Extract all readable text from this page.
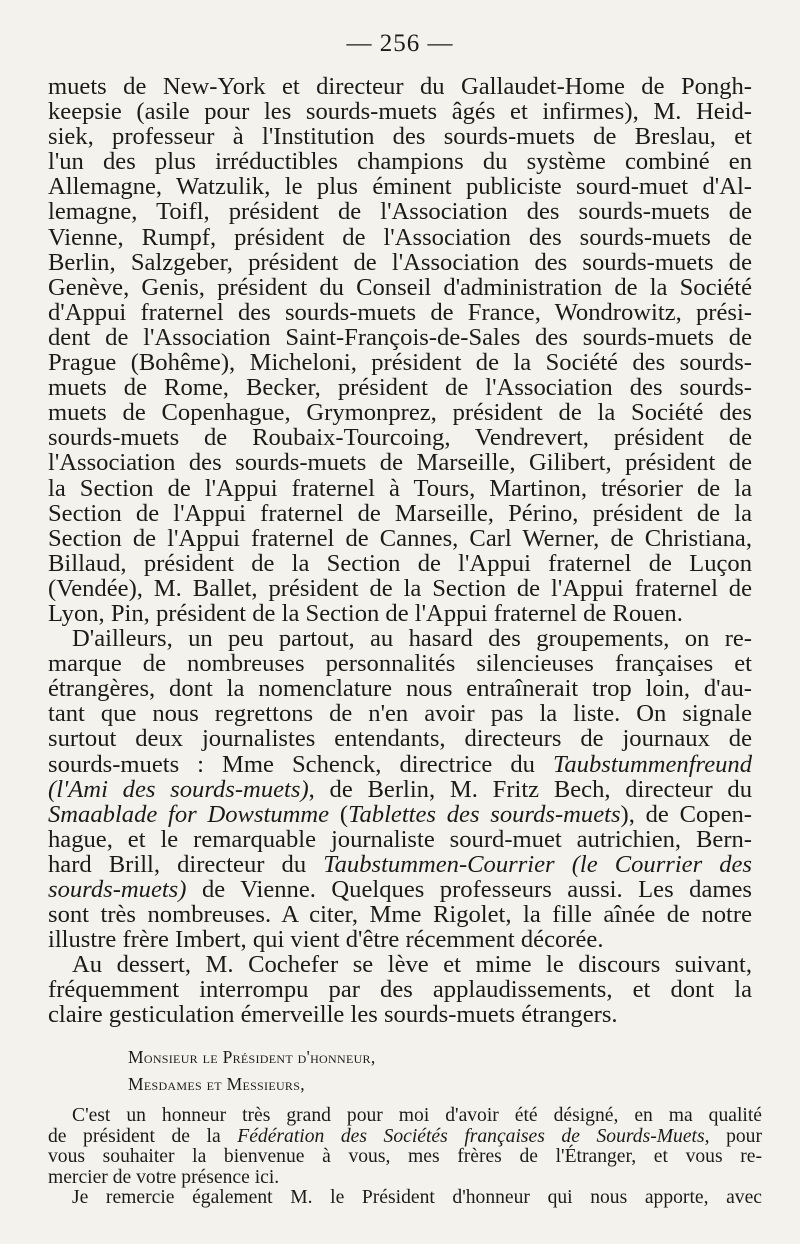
— 256 —
muets de New-York et directeur du Gallaudet-Home de Pongh-
keepsie (asile pour les sourds-muets âgés et infirmes), M. Heid-
siek, professeur à l'Institution des sourds-muets de Breslau, et
l'un des plus irréductibles champions du système combiné en
Allemagne, Watzulik, le plus éminent publiciste sourd-muet d'Al-
lemagne, Toifl, président de l'Association des sourds-muets de
Vienne, Rumpf, président de l'Association des sourds-muets de
Berlin, Salzgeber, président de l'Association des sourds-muets de
Genève, Genis, président du Conseil d'administration de la Société
d'Appui fraternel des sourds-muets de France, Wondrowitz, prési-
dent de l'Association Saint-François-de-Sales des sourds-muets de
Prague (Bohême), Micheloni, président de la Société des sourds-
muets de Rome, Becker, président de l'Association des sourds-
muets de Copenhague, Grymonprez, président de la Société des
sourds-muets de Roubaix-Tourcoing, Vendrevert, président de
l'Association des sourds-muets de Marseille, Gilibert, président de
la Section de l'Appui fraternel à Tours, Martinon, trésorier de la
Section de l'Appui fraternel de Marseille, Périno, président de la
Section de l'Appui fraternel de Cannes, Carl Werner, de Christiana,
Billaud, président de la Section de l'Appui fraternel de Luçon
(Vendée), M. Ballet, président de la Section de l'Appui fraternel de
Lyon, Pin, président de la Section de l'Appui fraternel de Rouen.
D'ailleurs, un peu partout, au hasard des groupements, on re-
marque de nombreuses personnalités silencieuses françaises et
étrangères, dont la nomenclature nous entraînerait trop loin, d'au-
tant que nous regrettons de n'en avoir pas la liste. On signale
surtout deux journalistes entendants, directeurs de journaux de
sourds-muets : Mme Schenck, directrice du Taubstummenfreund
(l'Ami des sourds-muets), de Berlin, M. Fritz Bech, directeur du
Smaablade for Dowstumme (Tablettes des sourds-muets), de Copen-
hague, et le remarquable journaliste sourd-muet autrichien, Bern-
hard Brill, directeur du Taubstummen-Courrier (le Courrier des
sourds-muets) de Vienne. Quelques professeurs aussi. Les dames
sont très nombreuses. A citer, Mme Rigolet, la fille aînée de notre
illustre frère Imbert, qui vient d'être récemment décorée.
Au dessert, M. Cochefer se lève et mime le discours suivant,
fréquemment interrompu par des applaudissements, et dont la
claire gesticulation émerveille les sourds-muets étrangers.
Monsieur le Président d'honneur,
Mesdames et Messieurs,
C'est un honneur très grand pour moi d'avoir été désigné, en ma qualité
de président de la Fédération des Sociétés françaises de Sourds-Muets, pour
vous souhaiter la bienvenue à vous, mes frères de l'Étranger, et vous re-
mercier de votre présence ici.
Je remercie également M. le Président d'honneur qui nous apporte, avec
